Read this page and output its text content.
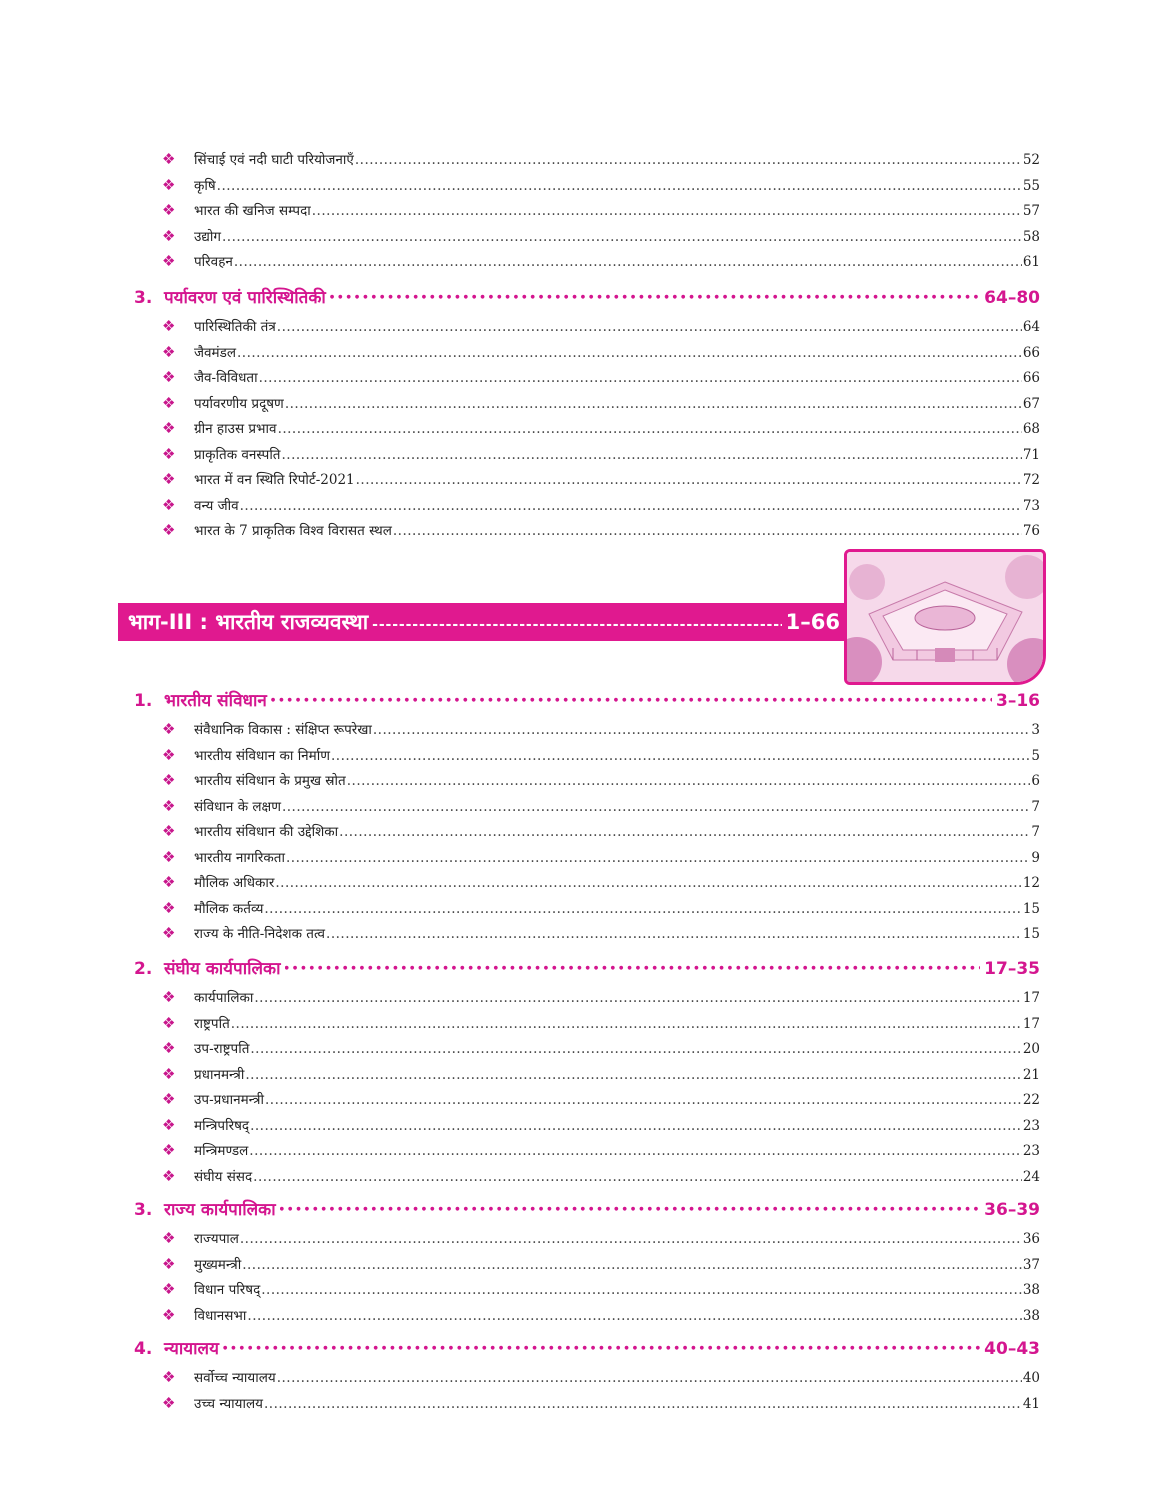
❖	सिंचाई एवं नदी घाटी परियोजनाएँ .....	52
❖	कृषि .....	55
❖	भारत की खनिज सम्पदा .....	57
❖	उद्योग .....	58
❖	परिवहन .....	61
3. पर्यावरण एवं पारिस्थितिकी ●●●●●●●●●●●●●●●●●●●●●●●●●●●●●●●●●●●●●●●●●●●●●●●●●●●●●●●●●●●●●●●●●●●●●●●●●●●●●●●●●●●●●●●●●●●●●●●●●●●●●●●●●●●●●●●●●●●●●●●●●●●●●●●●●●●●●●●●●●●●●●●●●●●	64–80
❖	पारिस्थितिकी तंत्र .....	64
❖	जैवमंडल .....	66
❖	जैव-विविधता .....	66
❖	पर्यावरणीय प्रदूषण .....	67
❖	ग्रीन हाउस प्रभाव .....	68
❖	प्राकृतिक वनस्पति .....	71
❖	भारत में वन स्थिति रिपोर्ट-2021 .....	72
❖	वन्य जीव .....	73
❖	भारत के 7 प्राकृतिक विश्व विरासत स्थल .....	76
भाग-III : भारतीय राजव्यवस्था - - -	1–66
1. भारतीय संविधान ●●●●●●●●●●●●●●●●●●●●●●●●●●●●●●●●●●●●●●●●●●●●●●●●●●●●●●●●●●●●●●●●●●●●●●●●●●●●●●●●●●●●●●●●●●●●●●●●●●●●●●●●●●●●●●●●●●●●●●●●●●●●●●●●●●●●●●●●●●●●●●●●●●●	3–16
❖	संवैधानिक विकास : संक्षिप्त रूपरेखा .....	3
❖	भारतीय संविधान का निर्माण .....	5
❖	भारतीय संविधान के प्रमुख स्रोत .....	6
❖	संविधान के लक्षण .....	7
❖	भारतीय संविधान की उद्देशिका .....	7
❖	भारतीय नागरिकता .....	9
❖	मौलिक अधिकार .....	12
❖	मौलिक कर्तव्य .....	15
❖	राज्य के नीति-निदेशक तत्व .....	15
2. संघीय कार्यपालिका ●●●●●●●●●●●●●●●●●●●●●●●●●●●●●●●●●●●●●●●●●●●●●●●●●●●●●●●●●●●●●●●●●●●●●●●●●●●●●●●●●●●●●●●●●●●●●●●●●●●●●●●●●●●●●●●●●●●●●●●●●●●●●●●●●●●●●●●●●●●●●●●●●●●	17–35
❖	कार्यपालिका .....	17
❖	राष्ट्रपति .....	17
❖	उप-राष्ट्रपति .....	20
❖	प्रधानमन्त्री .....	21
❖	उप-प्रधानमन्त्री .....	22
❖	मन्त्रिपरिषद् .....	23
❖	मन्त्रिमण्डल .....	23
❖	संघीय संसद .....	24
3. राज्य कार्यपालिका ●●●●●●●●●●●●●●●●●●●●●●●●●●●●●●●●●●●●●●●●●●●●●●●●●●●●●●●●●●●●●●●●●●●●●●●●●●●●●●●●●●●●●●●●●●●●●●●●●●●●●●●●●●●●●●●●●●●●●●●●●●●●●●●●●●●●●●●●●●●●●●●●●●●	36–39
❖	राज्यपाल .....	36
❖	मुख्यमन्त्री .....	37
❖	विधान परिषद् .....	38
❖	विधानसभा .....	38
4. न्यायालय ●●●●●●●●●●●●●●●●●●●●●●●●●●●●●●●●●●●●●●●●●●●●●●●●●●●●●●●●●●●●●●●●●●●●●●●●●●●●●●●●●●●●●●●●●●●●●●●●●●●●●●●●●●●●●●●●●●●●●●●●●●●●●●●●●●●●●●●●●●●●●●●●●●●	40–43
❖	सर्वोच्च न्यायालय .....	40
❖	उच्च न्यायालय .....	41
